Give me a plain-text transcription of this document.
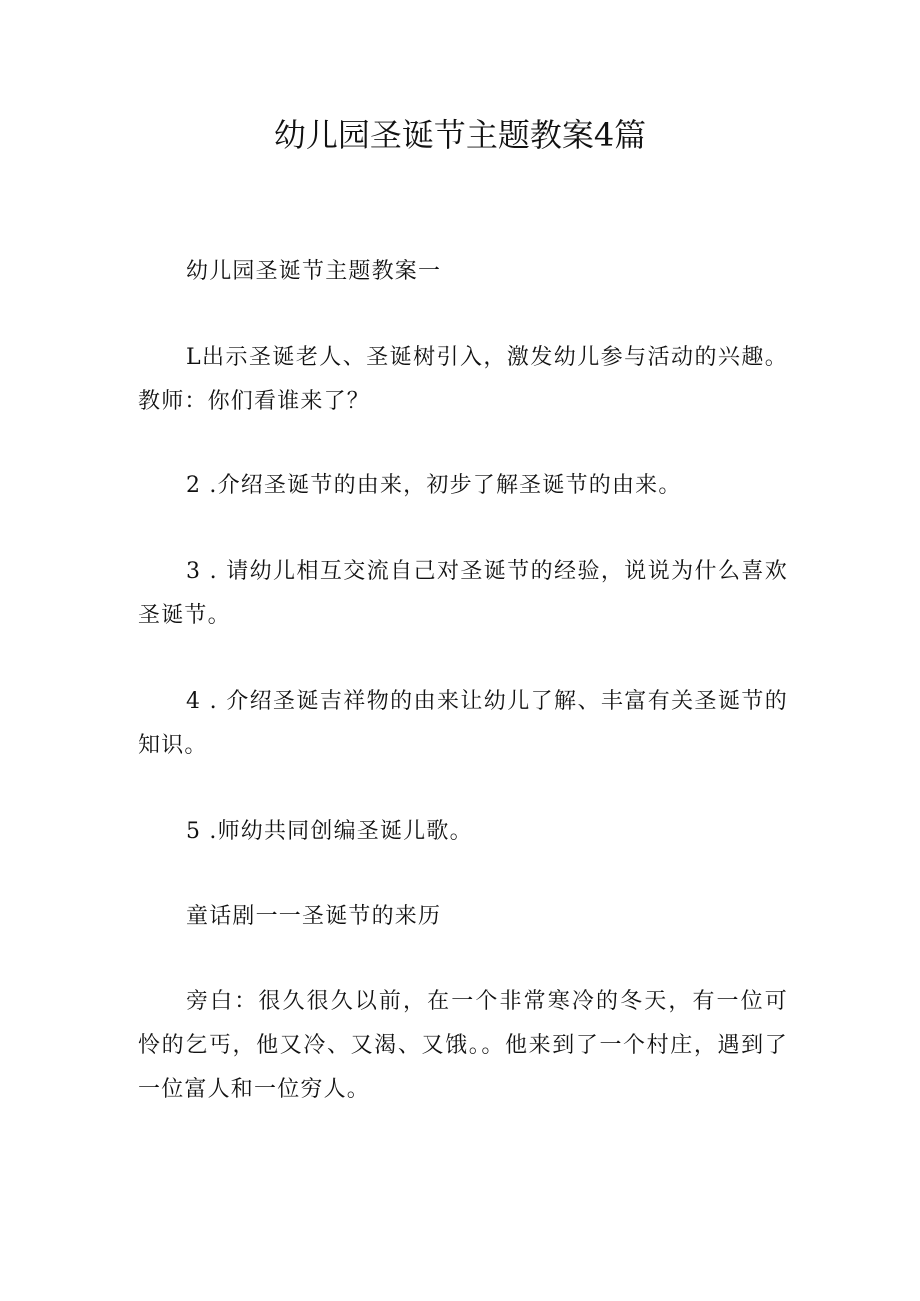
幼儿园圣诞节主题教案4篇

幼儿园圣诞节主题教案一

L出示圣诞老人、圣诞树引入，激发幼儿参与活动的兴趣。教师：你们看谁来了？

2 .介绍圣诞节的由来，初步了解圣诞节的由来。

3 . 请幼儿相互交流自己对圣诞节的经验，说说为什么喜欢圣诞节。

4 . 介绍圣诞吉祥物的由来让幼儿了解、丰富有关圣诞节的知识。

5 .师幼共同创编圣诞儿歌。

童话剧一一圣诞节的来历

旁白：很久很久以前，在一个非常寒冷的冬天，有一位可怜的乞丐，他又冷、又渴、又饿。。他来到了一个村庄，遇到了一位富人和一位穷人。
